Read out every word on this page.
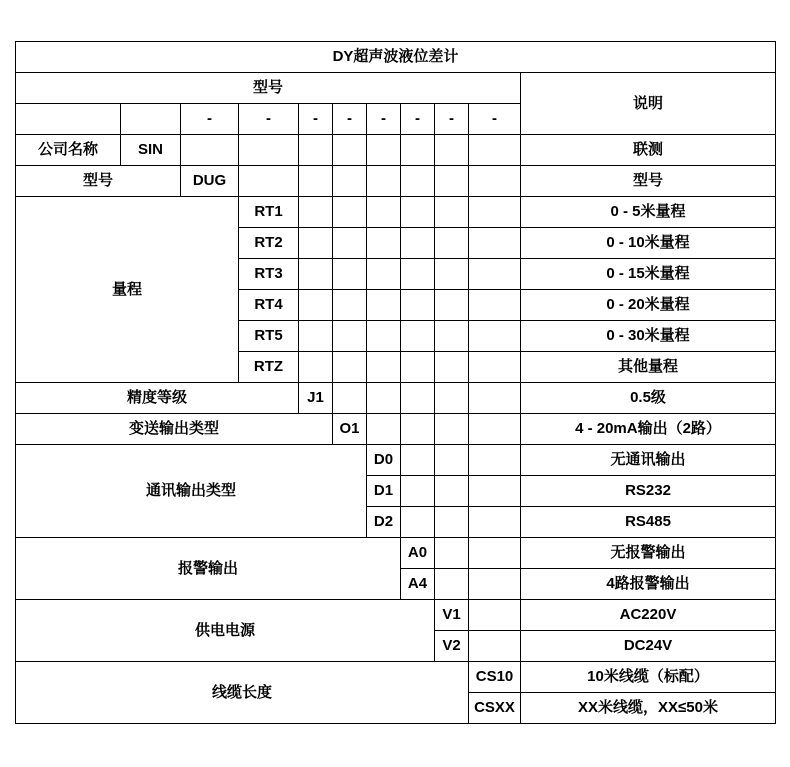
DY超声波液位差计										
型号										说明
		-	-	-	-	-	-	-	-	
公司名称	SIN									联测
型号		DUG								型号
量程			RT1							0 - 5米量程
			RT2							0 - 10米量程
			RT3							0 - 15米量程
			RT4							0 - 20米量程
			RT5							0 - 30米量程
			RTZ							其他量程
精度等级				J1						0.5级
变送输出类型					O1					4 - 20mA输出（2路）
通讯输出类型						D0				无通讯输出
						D1				RS232
						D2				RS485
报警输出							A0			无报警输出
							A4			4路报警输出
供电电源								V1		AC220V
								V2		DC24V
线缆长度									CS10	10米线缆（标配）
									CSXX	XX米线缆，XX≤50米
